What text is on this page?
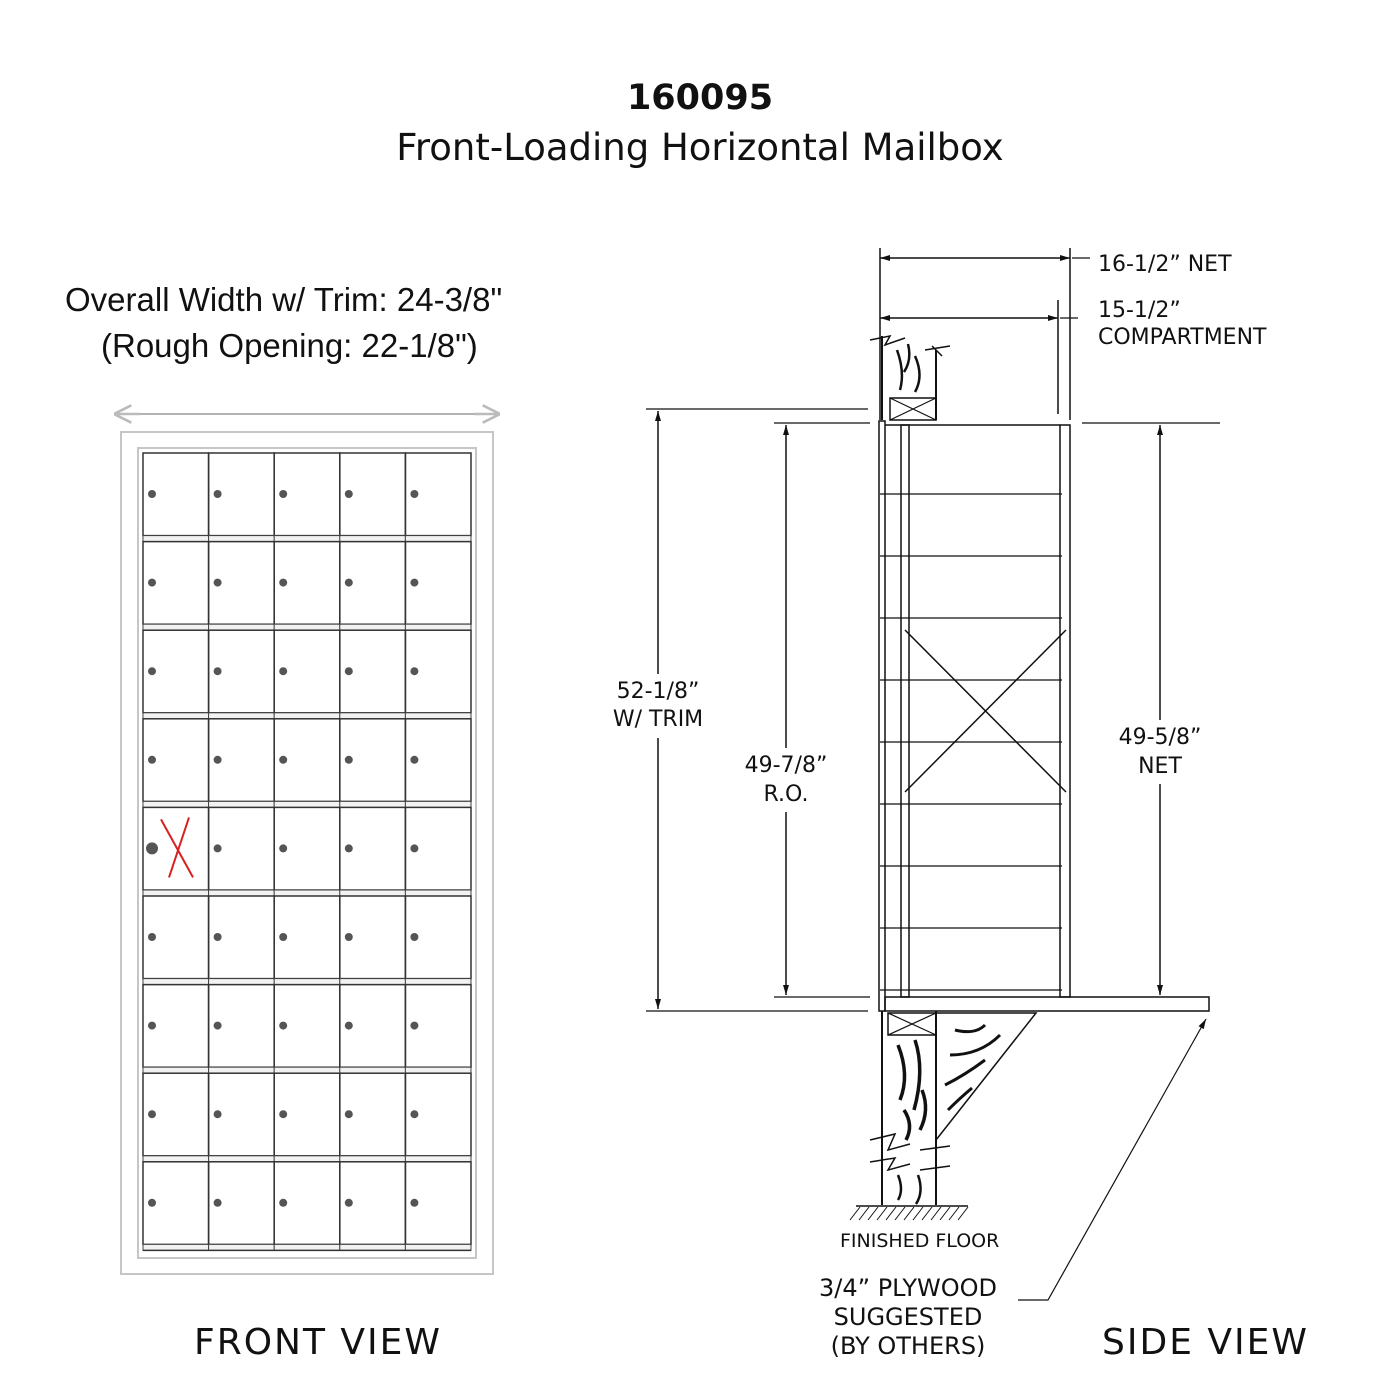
160095
Front-Loading Horizontal Mailbox
Overall Width w/ Trim: 24-3/8"
(Rough Opening: 22-1/8")
FRONT VIEW
16-1/2” NET
15-1/2”
COMPARTMENT
52-1/8”
W/ TRIM
49-7/8”
R.O.
49-5/8”
NET
FINISHED FLOOR
3/4” PLYWOOD
SUGGESTED
(BY OTHERS)	SIDE VIEW
